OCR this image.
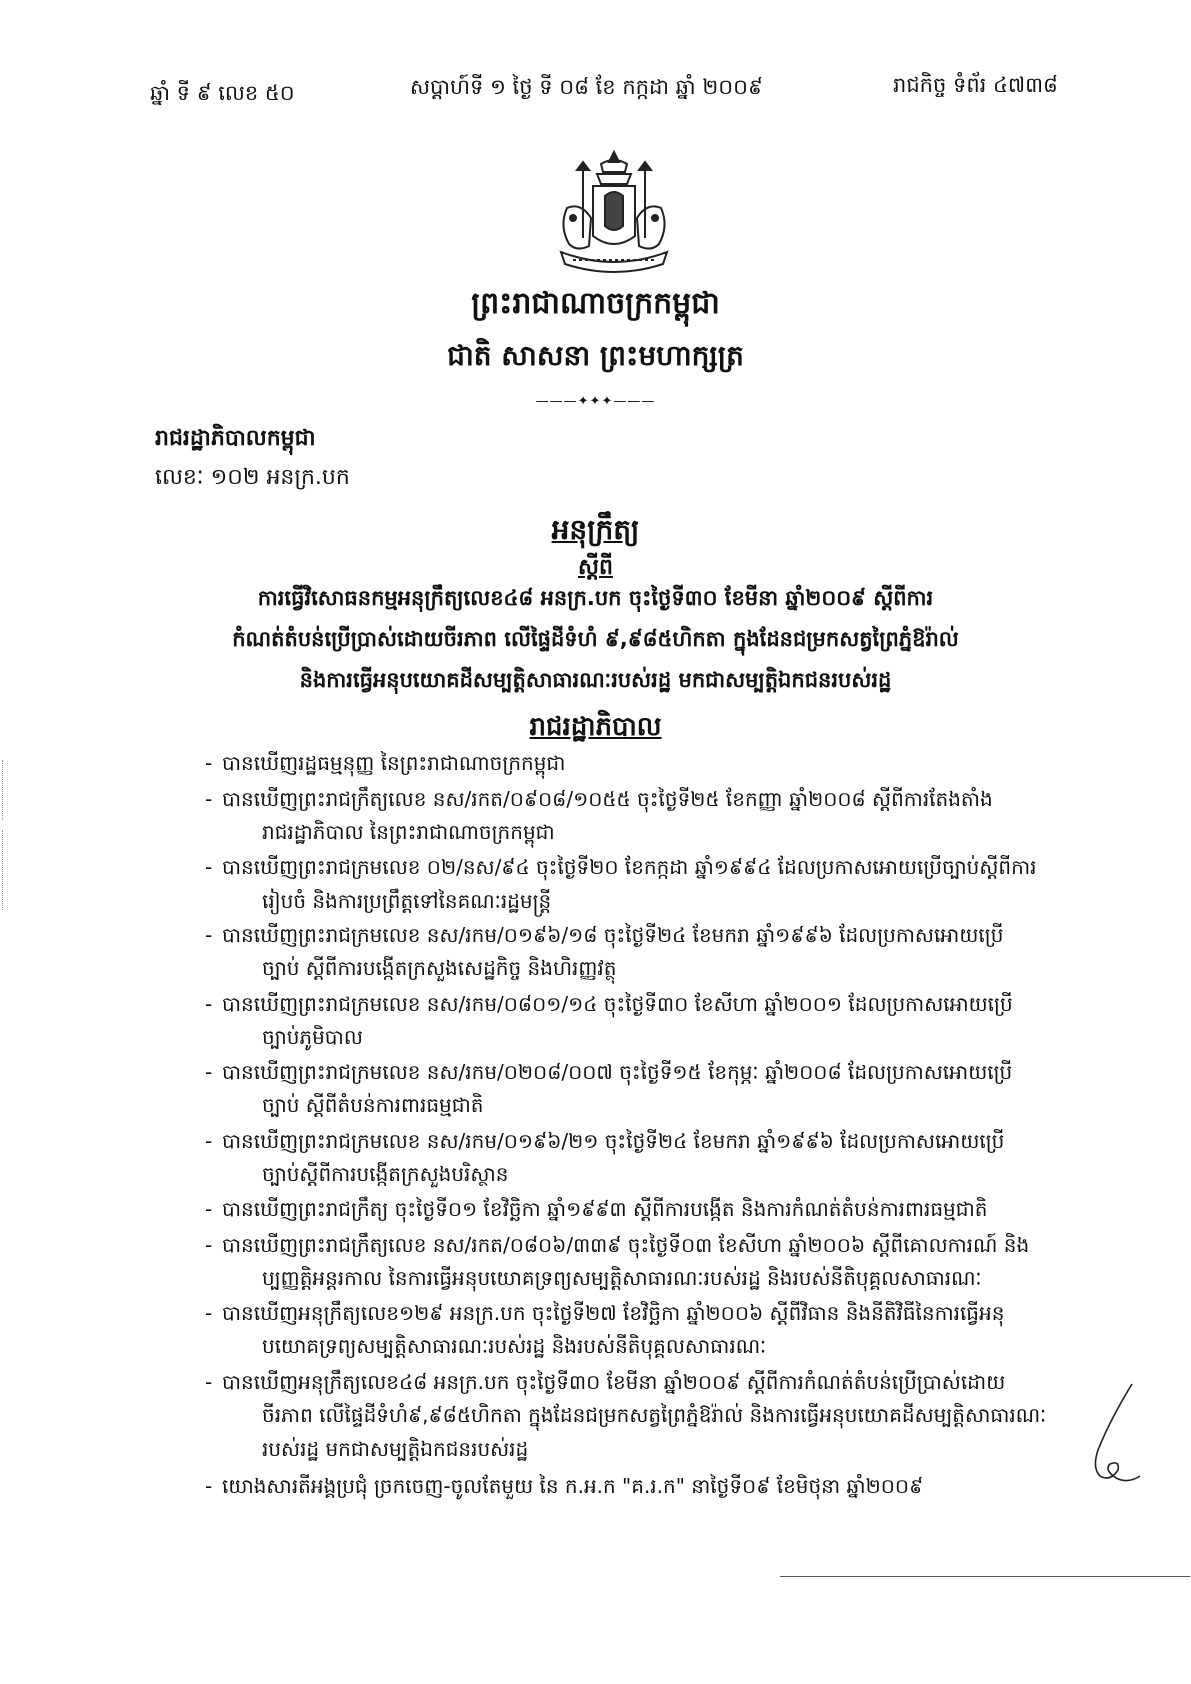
ឆ្នាំ ទី ៩ លេខ ៥០	សប្តាហ៍ទី ១ ថ្ងៃ ទី ០៨ ខែ កក្កដា ឆ្នាំ ២០០៩	រាជកិច្ច ទំព័រ ៤៧៣៨
ព្រះរាជាណាចក្រកម្ពុជា
ជាតិ សាសនា ព្រះមហាក្សត្រ
———✦✦✦———
រាជរដ្ឋាភិបាលកម្ពុជា
លេខៈ ១០២ អនក្រ.បក
អនុក្រឹត្យ
ស្តីពី
ការធ្វើវិសោធនកម្មអនុក្រឹត្យលេខ៤៨ អនក្រ.បក ចុះថ្ងៃទី៣០ ខែមីនា ឆ្នាំ២០០៩ ស្តីពីការ
កំណត់តំបន់ប្រើប្រាស់ដោយចីរភាព លើផ្ទៃដីទំហំ ៩,៩៨៥ហិកតា ក្នុងដែនជម្រកសត្វព្រៃភ្នំឱរ៉ាល់
និងការធ្វើអនុបយោគដីសម្បត្តិសាធារណៈរបស់រដ្ឋ មកជាសម្បត្តិឯកជនរបស់រដ្ឋ
រាជរដ្ឋាភិបាល
- បានឃើញរដ្ឋធម្មនុញ្ញ នៃព្រះរាជាណាចក្រកម្ពុជា
- បានឃើញព្រះរាជក្រឹត្យលេខ នស/រកត/០៩០៨/១០៥៥ ចុះថ្ងៃទី២៥ ខែកញ្ញា ឆ្នាំ២០០៨ ស្តីពីការតែងតាំង
រាជរដ្ឋាភិបាល នៃព្រះរាជាណាចក្រកម្ពុជា
- បានឃើញព្រះរាជក្រមលេខ ០២/នស/៩៤ ចុះថ្ងៃទី២០ ខែកក្កដា ឆ្នាំ១៩៩៤ ដែលប្រកាសអោយប្រើច្បាប់ស្តីពីការ
រៀបចំ និងការប្រព្រឹត្តទៅនៃគណៈរដ្ឋមន្ត្រី
- បានឃើញព្រះរាជក្រមលេខ នស/រកម/០១៩៦/១៨ ចុះថ្ងៃទី២៤ ខែមករា ឆ្នាំ១៩៩៦ ដែលប្រកាសអោយប្រើ
ច្បាប់ ស្តីពីការបង្កើតក្រសួងសេដ្ឋកិច្ច និងហិរញ្ញវត្ថុ
- បានឃើញព្រះរាជក្រមលេខ នស/រកម/០៨០១/១៤ ចុះថ្ងៃទី៣០ ខែសីហា ឆ្នាំ២០០១ ដែលប្រកាសអោយប្រើ
ច្បាប់ភូមិបាល
- បានឃើញព្រះរាជក្រមលេខ នស/រកម/០២០៨/០០៧ ចុះថ្ងៃទី១៥ ខែកុម្ភៈ ឆ្នាំ២០០៨ ដែលប្រកាសអោយប្រើ
ច្បាប់ ស្តីពីតំបន់ការពារធម្មជាតិ
- បានឃើញព្រះរាជក្រមលេខ នស/រកម/០១៩៦/២១ ចុះថ្ងៃទី២៤ ខែមករា ឆ្នាំ១៩៩៦ ដែលប្រកាសអោយប្រើ
ច្បាប់ស្តីពីការបង្កើតក្រសួងបរិស្ថាន
- បានឃើញព្រះរាជក្រឹត្យ ចុះថ្ងៃទី០១ ខែវិច្ឆិកា ឆ្នាំ១៩៩៣ ស្តីពីការបង្កើត និងការកំណត់តំបន់ការពារធម្មជាតិ
- បានឃើញព្រះរាជក្រឹត្យលេខ នស/រកត/០៨០៦/៣៣៩ ចុះថ្ងៃទី០៣ ខែសីហា ឆ្នាំ២០០៦ ស្តីពីគោលការណ៍ និង
ប្បញ្ញត្តិអន្តរកាល នៃការធ្វើអនុបយោគទ្រព្យសម្បត្តិសាធារណៈរបស់រដ្ឋ និងរបស់នីតិបុគ្គលសាធារណៈ
- បានឃើញអនុក្រឹត្យលេខ១២៩ អនក្រ.បក ចុះថ្ងៃទី២៧ ខែវិច្ឆិកា ឆ្នាំ២០០៦ ស្តីពីវិធាន និងនីតិវិធីនៃការធ្វើអនុ
បយោគទ្រព្យសម្បត្តិសាធារណៈរបស់រដ្ឋ និងរបស់នីតិបុគ្គលសាធារណៈ
- បានឃើញអនុក្រឹត្យលេខ៤៨ អនក្រ.បក ចុះថ្ងៃទី៣០ ខែមីនា ឆ្នាំ២០០៩ ស្តីពីការកំណត់តំបន់ប្រើប្រាស់ដោយ
ចីរភាព លើផ្ទៃដីទំហំ៩,៩៨៥ហិកតា ក្នុងដែនជម្រកសត្វព្រៃភ្នំឱរ៉ាល់ និងការធ្វើអនុបយោគដីសម្បត្តិសាធារណៈ
របស់រដ្ឋ មកជាសម្បត្តិឯកជនរបស់រដ្ឋ
- យោងសារតីអង្គប្រជុំ ច្រកចេញ-ចូលតែមួយ នៃ ក.អ.ក "គ.រ.ក" នាថ្ងៃទី០៩ ខែមិថុនា ឆ្នាំ២០០៩
